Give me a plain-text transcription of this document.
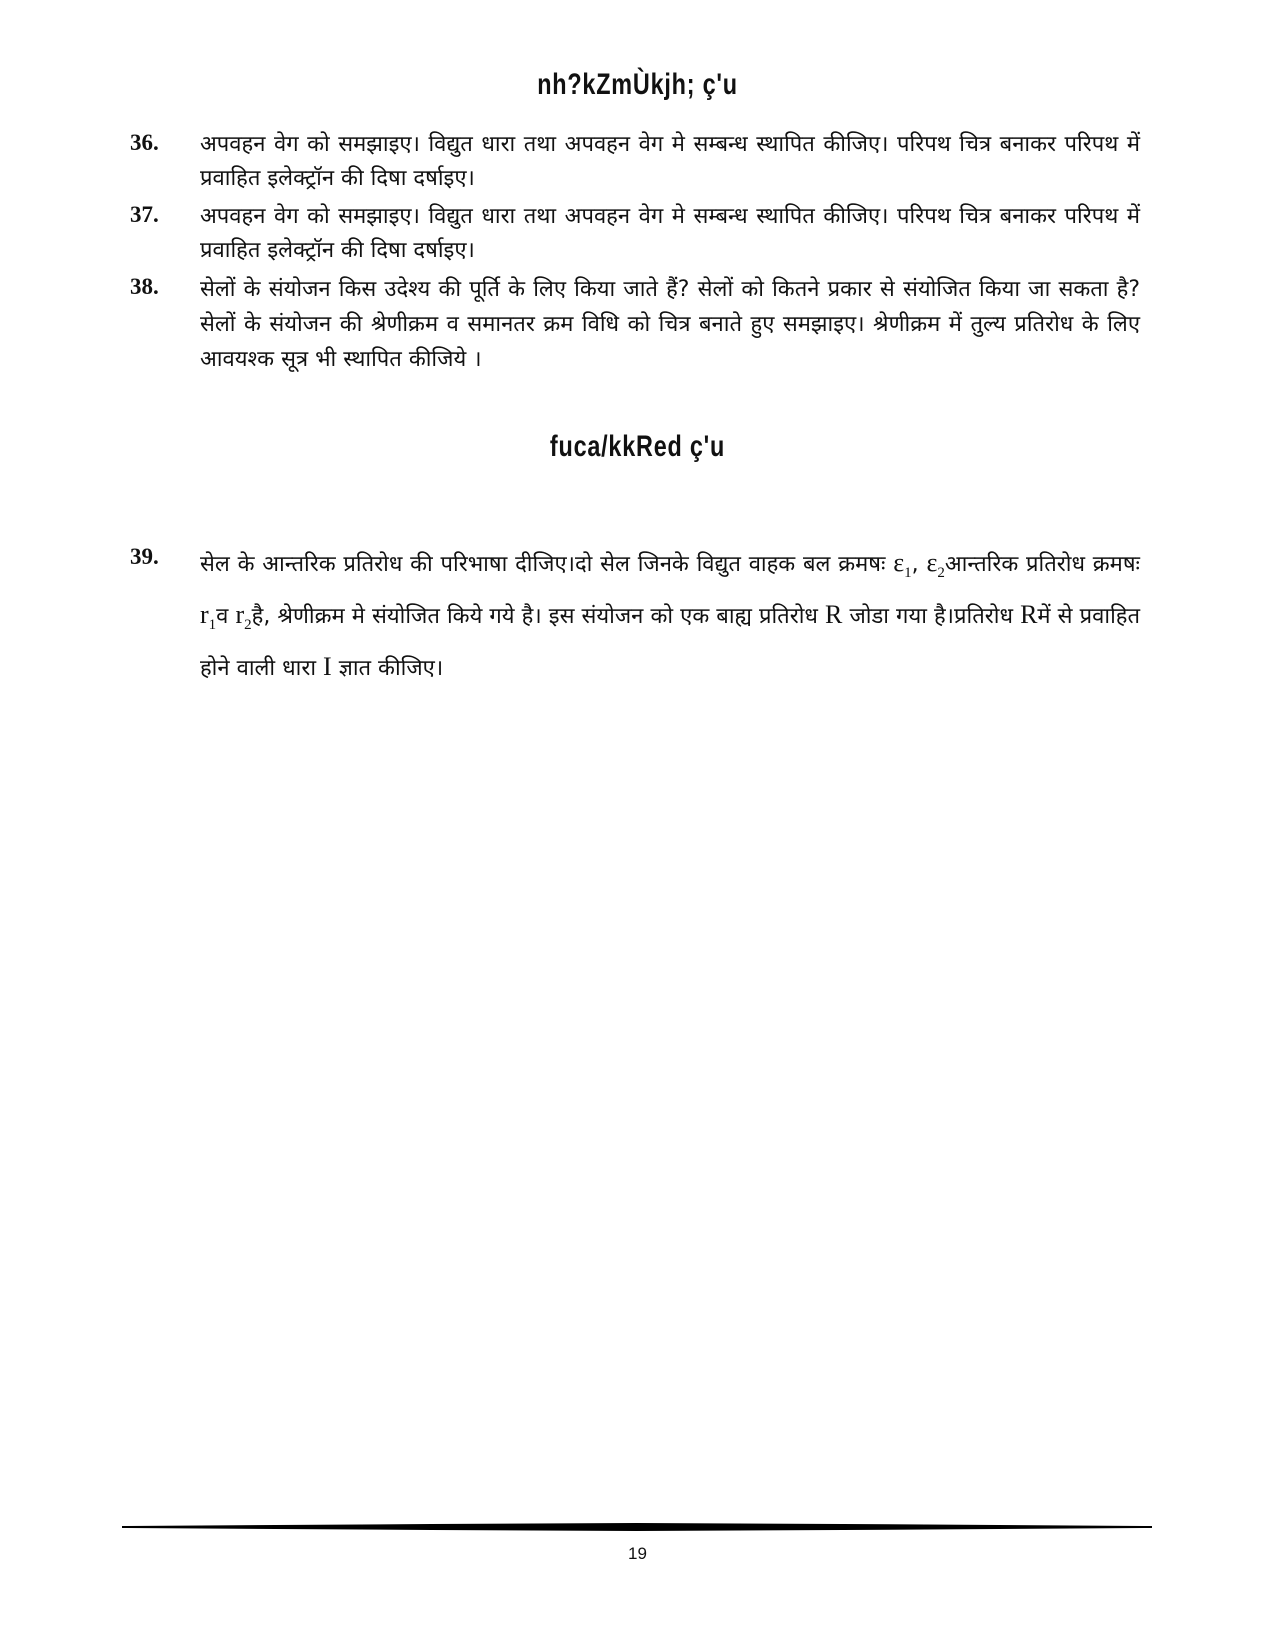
nh?kZmÙkjh; ç'u
36. अपवहन वेग को समझाइए। विद्युत धारा तथा अपवहन वेग मे सम्बन्ध स्थापित कीजिए। परिपथ चित्र बनाकर परिपथ में प्रवाहित इलेक्ट्रॉन की दिषा दर्षाइए।
37. अपवहन वेग को समझाइए। विद्युत धारा तथा अपवहन वेग मे सम्बन्ध स्थापित कीजिए। परिपथ चित्र बनाकर परिपथ में प्रवाहित इलेक्ट्रॉन की दिषा दर्षाइए।
38. सेलों के संयोजन किस उदेश्य की पूर्ति के लिए किया जाते हैं? सेलों को कितने प्रकार से संयोजित किया जा सकता है? सेलों के संयोजन की श्रेणीक्रम व समानतर क्रम विधि को चित्र बनाते हुए समझाइए। श्रेणीक्रम में तुल्य प्रतिरोध के लिए आवयश्क सूत्र भी स्थापित कीजिये ।
fuca/kkRed ç'u
39. सेल के आन्तरिक प्रतिरोध की परिभाषा दीजिए।दो सेल जिनके विद्युत वाहक बल क्रमषः $\varepsilon_1$, $\varepsilon_2आन्तरिक$ प्रतिरोध क्रमषः $r_1व$ $r_2है$, श्रेणीक्रम मे संयोजित किये गये है। इस संयोजन को एक बाह्य प्रतिरोध R जोडा गया है।प्रतिरोध Rमें से प्रवाहित होने वाली धारा I ज्ञात कीजिए।
19
